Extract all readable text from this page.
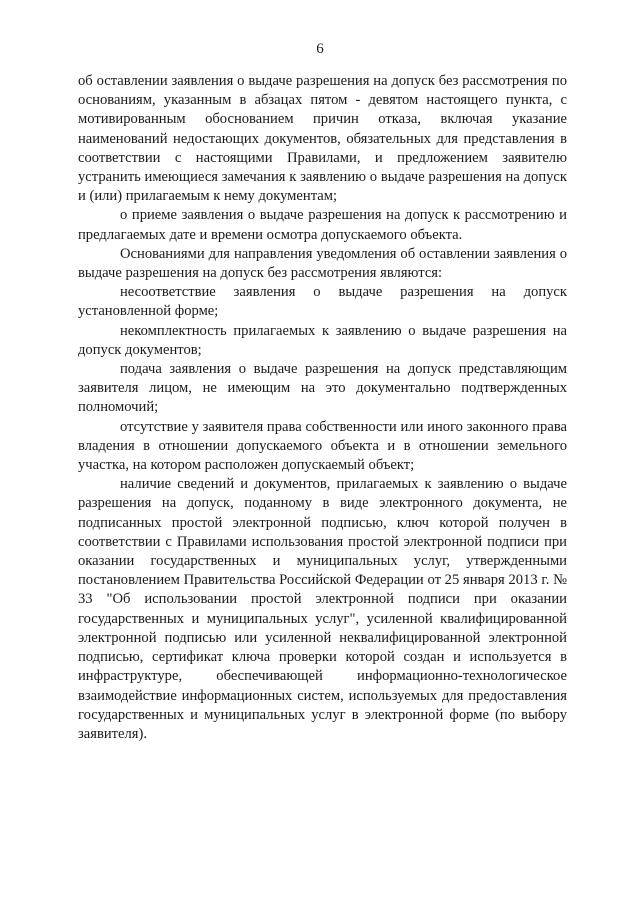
6

об оставлении заявления о выдаче разрешения на допуск без рассмотрения по основаниям, указанным в абзацах пятом - девятом настоящего пункта, с мотивированным обоснованием причин отказа, включая указание наименований недостающих документов, обязательных для представления в соответствии с настоящими Правилами, и предложением заявителю устранить имеющиеся замечания к заявлению о выдаче разрешения на допуск и (или) прилагаемым к нему документам;

о приеме заявления о выдаче разрешения на допуск к рассмотрению и предлагаемых дате и времени осмотра допускаемого объекта.

Основаниями для направления уведомления об оставлении заявления о выдаче разрешения на допуск без рассмотрения являются:

несоответствие заявления о выдаче разрешения на допуск установленной форме;

некомплектность прилагаемых к заявлению о выдаче разрешения на допуск документов;

подача заявления о выдаче разрешения на допуск представляющим заявителя лицом, не имеющим на это документально подтвержденных полномочий;

отсутствие у заявителя права собственности или иного законного права владения в отношении допускаемого объекта и в отношении земельного участка, на котором расположен допускаемый объект;

наличие сведений и документов, прилагаемых к заявлению о выдаче разрешения на допуск, поданному в виде электронного документа, не подписанных простой электронной подписью, ключ которой получен в соответствии с Правилами использования простой электронной подписи при оказании государственных и муниципальных услуг, утвержденными постановлением Правительства Российской Федерации от 25 января 2013 г. № 33 "Об использовании простой электронной подписи при оказании государственных и муниципальных услуг", усиленной квалифицированной электронной подписью или усиленной неквалифицированной электронной подписью, сертификат ключа проверки которой создан и используется в инфраструктуре, обеспечивающей информационно-технологическое взаимодействие информационных систем, используемых для предоставления государственных и муниципальных услуг в электронной форме (по выбору заявителя).
